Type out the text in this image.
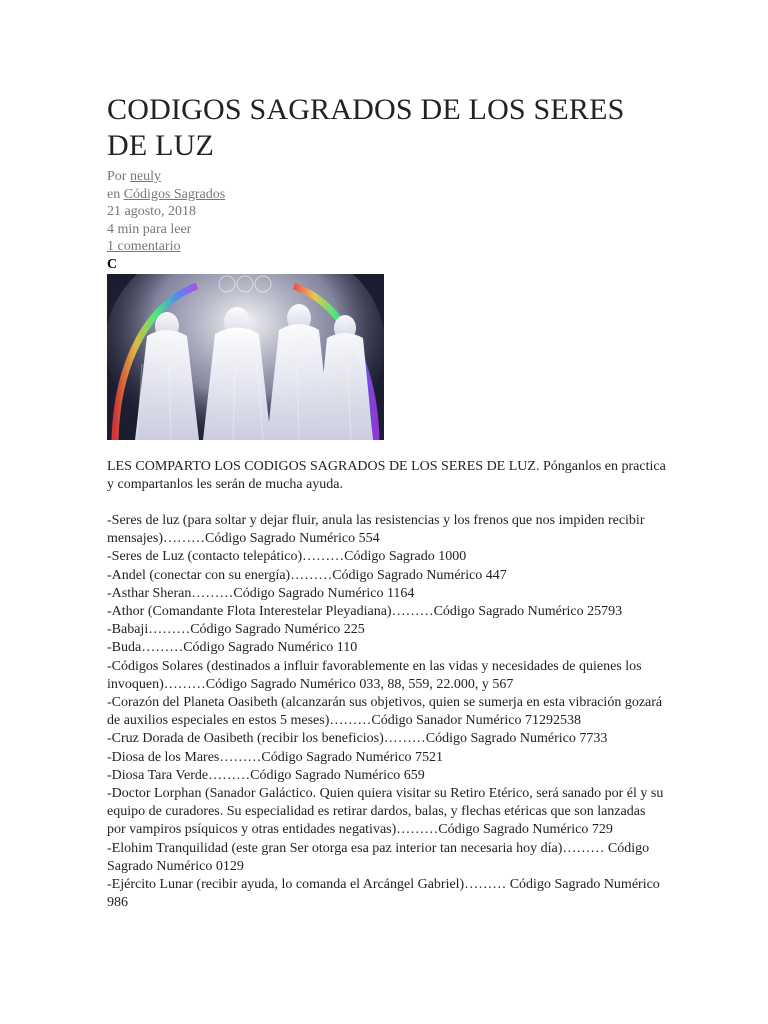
CODIGOS SAGRADOS DE LOS SERES DE LUZ
Por neuly
en Códigos Sagrados
21 agosto, 2018
4 min para leer
1 comentario
C

LES COMPARTO LOS CODIGOS SAGRADOS DE LOS SERES DE LUZ. Pónganlos en practica y compartanlos les serán de mucha ayuda.

-Seres de luz (para soltar y dejar fluir, anula las resistencias y los frenos que nos impiden recibir mensajes)………Código Sagrado Numérico 554
-Seres de Luz (contacto telepático)………Código Sagrado 1000
-Andel (conectar con su energía)………Código Sagrado Numérico 447
-Asthar Sheran………Código Sagrado Numérico 1164
-Athor (Comandante Flota Interestelar Pleyadiana)………Código Sagrado Numérico 25793
-Babaji………Código Sagrado Numérico 225
-Buda………Código Sagrado Numérico 110
-Códigos Solares (destinados a influir favorablemente en las vidas y necesidades de quienes los invoquen)………Código Sagrado Numérico 033, 88, 559, 22.000, y 567
-Corazón del Planeta Oasibeth (alcanzarán sus objetivos, quien se sumerja en esta vibración gozará de auxilios especiales en estos 5 meses)………Código Sanador Numérico 71292538
-Cruz Dorada de Oasibeth (recibir los beneficios)………Código Sagrado Numérico 7733
-Diosa de los Mares………Código Sagrado Numérico 7521
-Diosa Tara Verde………Código Sagrado Numérico 659
-Doctor Lorphan (Sanador Galáctico. Quien quiera visitar su Retiro Etérico, será sanado por él y su equipo de curadores. Su especialidad es retirar dardos, balas, y flechas etéricas que son lanzadas por vampiros psíquicos y otras entidades negativas)………Código Sagrado Numérico 729
-Elohim Tranquilidad (este gran Ser otorga esa paz interior tan necesaria hoy día)……… Código Sagrado Numérico 0129
-Ejército Lunar (recibir ayuda, lo comanda el Arcángel Gabriel)……… Código Sagrado Numérico 986
